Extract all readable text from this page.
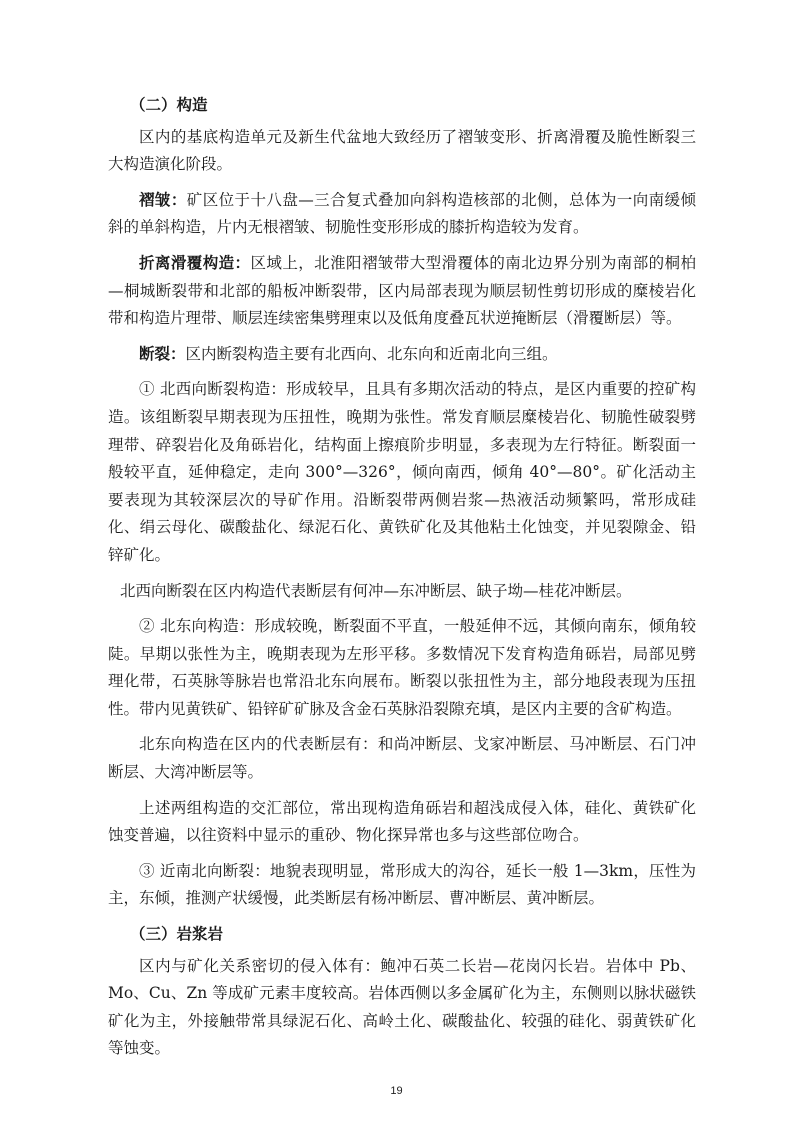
（二）构造

区内的基底构造单元及新生代盆地大致经历了褶皱变形、折离滑覆及脆性断裂三大构造演化阶段。

褶皱：矿区位于十八盘—三合复式叠加向斜构造核部的北侧，总体为一向南缓倾斜的单斜构造，片内无根褶皱、韧脆性变形形成的膝折构造较为发育。

折离滑覆构造：区域上，北淮阳褶皱带大型滑覆体的南北边界分别为南部的桐柏—桐城断裂带和北部的船板冲断裂带，区内局部表现为顺层韧性剪切形成的糜棱岩化带和构造片理带、顺层连续密集劈理束以及低角度叠瓦状逆掩断层（滑覆断层）等。

断裂：区内断裂构造主要有北西向、北东向和近南北向三组。

① 北西向断裂构造：形成较早，且具有多期次活动的特点，是区内重要的控矿构造。该组断裂早期表现为压扭性，晚期为张性。常发育顺层糜棱岩化、韧脆性破裂劈理带、碎裂岩化及角砾岩化，结构面上擦痕阶步明显，多表现为左行特征。断裂面一般较平直，延伸稳定，走向 300°—326°，倾向南西，倾角 40°—80°。矿化活动主要表现为其较深层次的导矿作用。沿断裂带两侧岩浆—热液活动频繁吗，常形成硅化、绢云母化、碳酸盐化、绿泥石化、黄铁矿化及其他粘土化蚀变，并见裂隙金、铅锌矿化。

北西向断裂在区内构造代表断层有何冲—东冲断层、缺子坳—桂花冲断层。

② 北东向构造：形成较晚，断裂面不平直，一般延伸不远，其倾向南东，倾角较陡。早期以张性为主，晚期表现为左形平移。多数情况下发育构造角砾岩，局部见劈理化带，石英脉等脉岩也常沿北东向展布。断裂以张扭性为主，部分地段表现为压扭性。带内见黄铁矿、铅锌矿矿脉及含金石英脉沿裂隙充填，是区内主要的含矿构造。

北东向构造在区内的代表断层有：和尚冲断层、戈家冲断层、马冲断层、石门冲断层、大湾冲断层等。

上述两组构造的交汇部位，常出现构造角砾岩和超浅成侵入体，硅化、黄铁矿化蚀变普遍，以往资料中显示的重砂、物化探异常也多与这些部位吻合。

③ 近南北向断裂：地貌表现明显，常形成大的沟谷，延长一般 1—3km，压性为主，东倾，推测产状缓慢，此类断层有杨冲断层、曹冲断层、黄冲断层。

（三）岩浆岩

区内与矿化关系密切的侵入体有：鲍冲石英二长岩—花岗闪长岩。岩体中 Pb、Mo、Cu、Zn 等成矿元素丰度较高。岩体西侧以多金属矿化为主，东侧则以脉状磁铁矿化为主，外接触带常具绿泥石化、高岭土化、碳酸盐化、较强的硅化、弱黄铁矿化等蚀变。

19
